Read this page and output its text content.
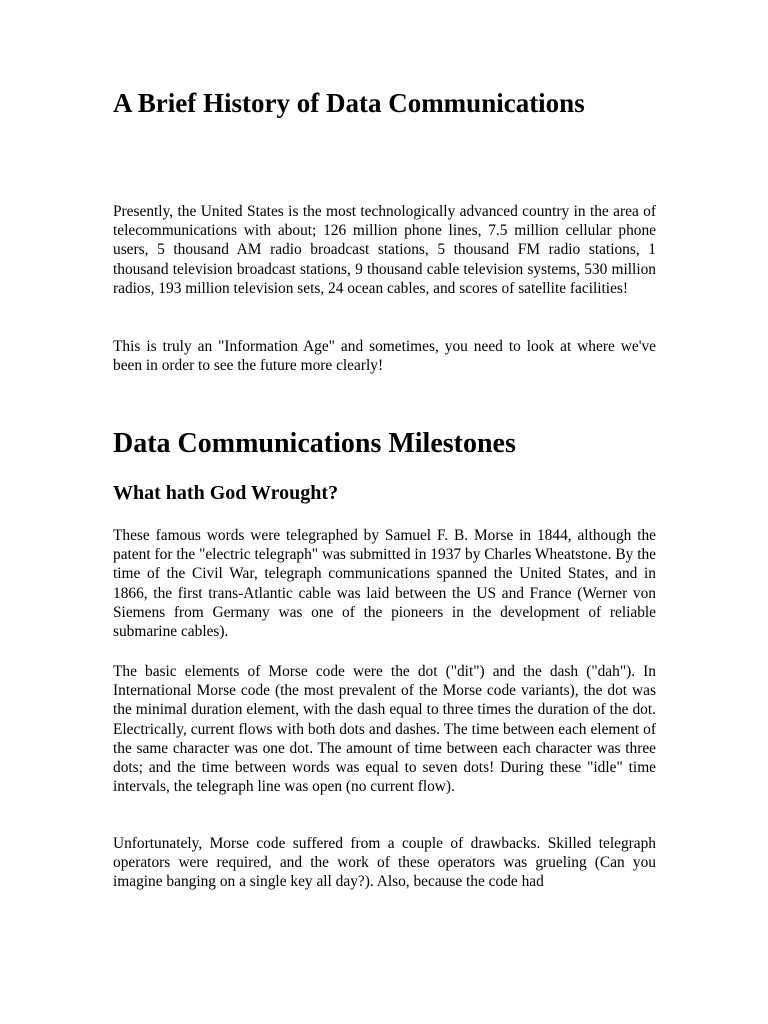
A Brief History of Data Communications

Presently, the United States is the most technologically advanced country in the area of telecommunications with about; 126 million phone lines, 7.5 million cellular phone users, 5 thousand AM radio broadcast stations, 5 thousand FM radio stations, 1 thousand television broadcast stations, 9 thousand cable television systems, 530 million radios, 193 million television sets, 24 ocean cables, and scores of satellite facilities!

This is truly an "Information Age" and sometimes, you need to look at where we've been in order to see the future more clearly!

Data Communications Milestones
What hath God Wrought?

These famous words were telegraphed by Samuel F. B. Morse in 1844, although the patent for the "electric telegraph" was submitted in 1937 by Charles Wheatstone. By the time of the Civil War, telegraph communications spanned the United States, and in 1866, the first trans-Atlantic cable was laid between the US and France (Werner von Siemens from Germany was one of the pioneers in the development of reliable submarine cables).

The basic elements of Morse code were the dot ("dit") and the dash ("dah"). In International Morse code (the most prevalent of the Morse code variants), the dot was the minimal duration element, with the dash equal to three times the duration of the dot. Electrically, current flows with both dots and dashes. The time between each element of the same character was one dot. The amount of time between each character was three dots; and the time between words was equal to seven dots! During these "idle" time intervals, the telegraph line was open (no current flow).

Unfortunately, Morse code suffered from a couple of drawbacks. Skilled telegraph operators were required, and the work of these operators was grueling (Can you imagine banging on a single key all day?). Also, because the code had
